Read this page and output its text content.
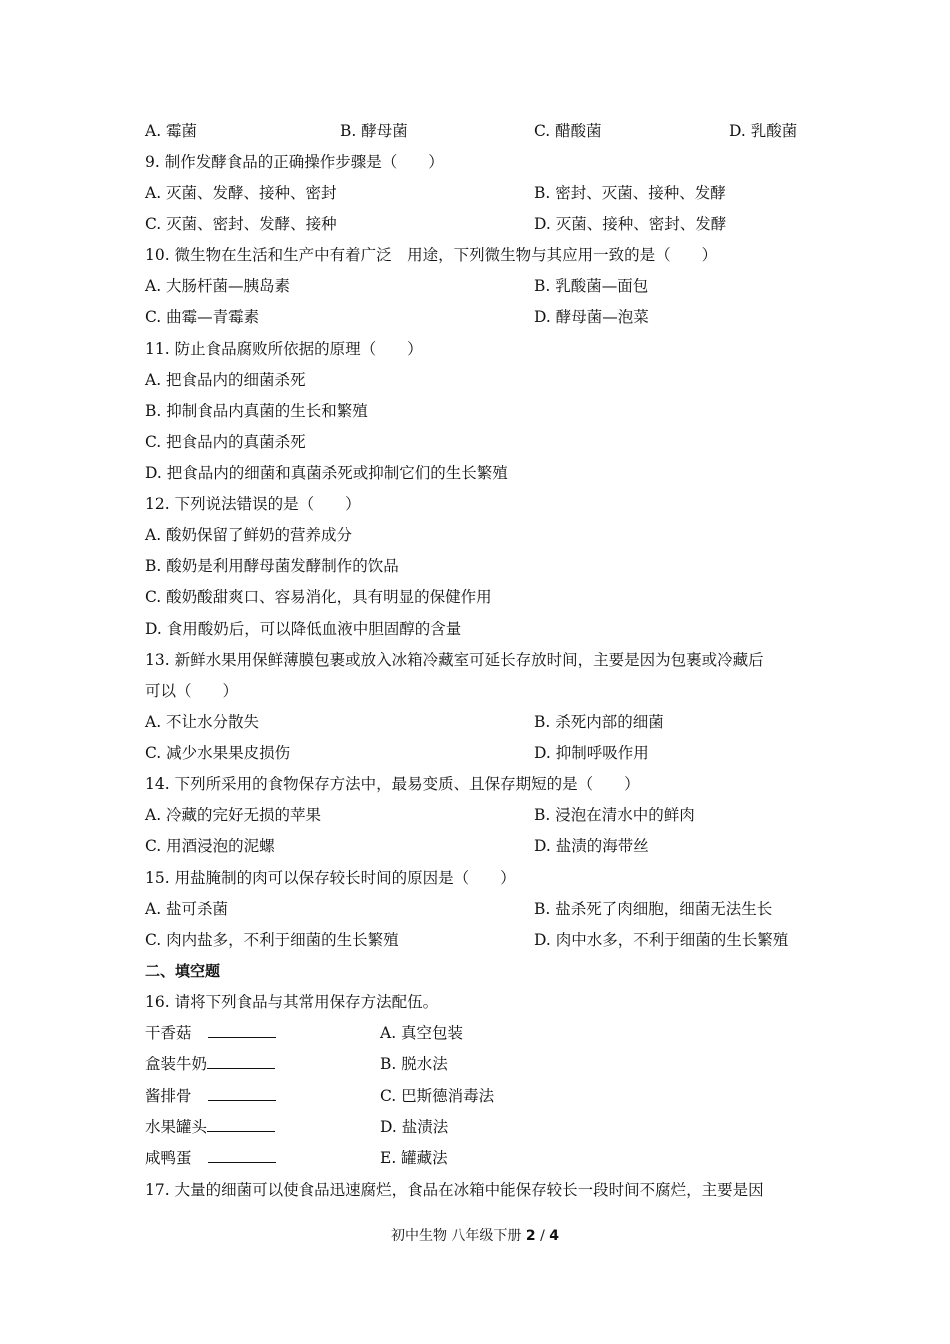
A. 霉菌	B. 酵母菌	C. 醋酸菌	D. 乳酸菌
9. 制作发酵食品的正确操作步骤是（　　）
A. 灭菌、发酵、接种、密封	B. 密封、灭菌、接种、发酵
C. 灭菌、密封、发酵、接种	D. 灭菌、接种、密封、发酵
10. 微生物在生活和生产中有着广泛　用途，下列微生物与其应用一致的是（　　）
A. 大肠杆菌—胰岛素	B. 乳酸菌—面包
C. 曲霉—青霉素	D. 酵母菌—泡菜
11. 防止食品腐败所依据的原理（　　）
A. 把食品内的细菌杀死
B. 抑制食品内真菌的生长和繁殖
C. 把食品内的真菌杀死
D. 把食品内的细菌和真菌杀死或抑制它们的生长繁殖
12. 下列说法错误的是（　　）
A. 酸奶保留了鲜奶的营养成分
B. 酸奶是利用酵母菌发酵制作的饮品
C. 酸奶酸甜爽口、容易消化，具有明显的保健作用
D. 食用酸奶后，可以降低血液中胆固醇的含量
13. 新鲜水果用保鲜薄膜包裹或放入冰箱冷藏室可延长存放时间，主要是因为包裹或冷藏后
可以（　　）
A. 不让水分散失	B. 杀死内部的细菌
C. 减少水果果皮损伤	D. 抑制呼吸作用
14. 下列所采用的食物保存方法中，最易变质、且保存期短的是（　　）
A. 冷藏的完好无损的苹果	B. 浸泡在清水中的鲜肉
C. 用酒浸泡的泥螺	D. 盐渍的海带丝
15. 用盐腌制的肉可以保存较长时间的原因是（　　）
A. 盐可杀菌	B. 盐杀死了肉细胞，细菌无法生长
C. 肉内盐多，不利于细菌的生长繁殖	D. 肉中水多，不利于细菌的生长繁殖
二、填空题
16. 请将下列食品与其常用保存方法配伍。
干香菇	A. 真空包装
盒装牛奶	B. 脱水法
酱排骨	C. 巴斯德消毒法
水果罐头	D. 盐渍法
咸鸭蛋	E. 罐藏法
17. 大量的细菌可以使食品迅速腐烂，食品在冰箱中能保存较长一段时间不腐烂，主要是因
初中生物 八年级下册 2 / 4
